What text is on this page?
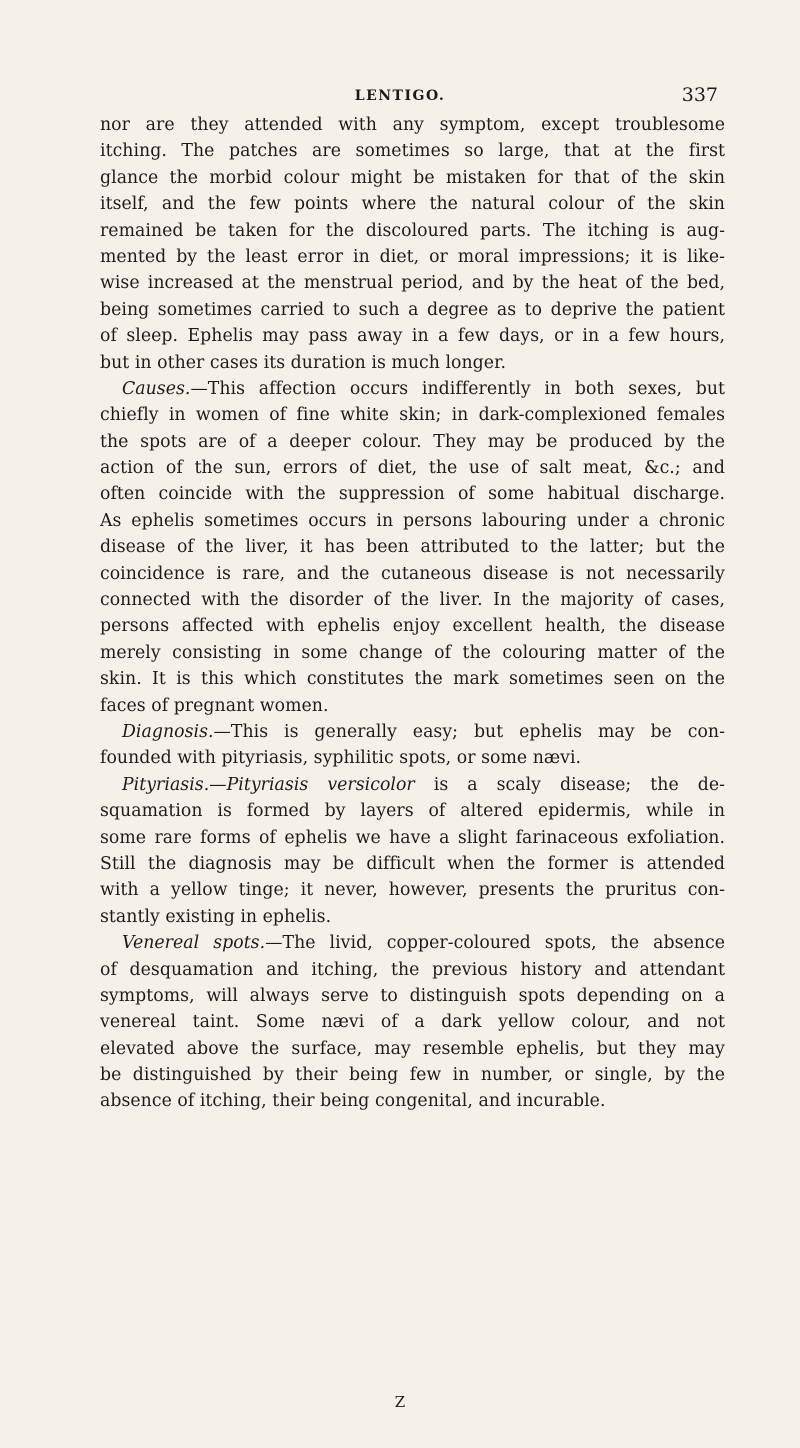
LENTIGO.	337
nor are they attended with any symptom, except troublesome
itching. The patches are sometimes so large, that at the first
glance the morbid colour might be mistaken for that of the skin
itself, and the few points where the natural colour of the skin
remained be taken for the discoloured parts. The itching is aug-
mented by the least error in diet, or moral impressions; it is like-
wise increased at the menstrual period, and by the heat of the bed,
being sometimes carried to such a degree as to deprive the patient
of sleep. Ephelis may pass away in a few days, or in a few hours,
but in other cases its duration is much longer.
Causes.—This affection occurs indifferently in both sexes, but
chiefly in women of fine white skin; in dark-complexioned females
the spots are of a deeper colour. They may be produced by the
action of the sun, errors of diet, the use of salt meat, &c.; and
often coincide with the suppression of some habitual discharge.
As ephelis sometimes occurs in persons labouring under a chronic
disease of the liver, it has been attributed to the latter; but the
coincidence is rare, and the cutaneous disease is not necessarily
connected with the disorder of the liver. In the majority of cases,
persons affected with ephelis enjoy excellent health, the disease
merely consisting in some change of the colouring matter of the
skin. It is this which constitutes the mark sometimes seen on the
faces of pregnant women.
Diagnosis.—This is generally easy; but ephelis may be con-
founded with pityriasis, syphilitic spots, or some nævi.
Pityriasis.—Pityriasis versicolor is a scaly disease; the de-
squamation is formed by layers of altered epidermis, while in
some rare forms of ephelis we have a slight farinaceous exfoliation.
Still the diagnosis may be difficult when the former is attended
with a yellow tinge; it never, however, presents the pruritus con-
stantly existing in ephelis.
Venereal spots.—The livid, copper-coloured spots, the absence
of desquamation and itching, the previous history and attendant
symptoms, will always serve to distinguish spots depending on a
venereal taint. Some nævi of a dark yellow colour, and not
elevated above the surface, may resemble ephelis, but they may
be distinguished by their being few in number, or single, by the
absence of itching, their being congenital, and incurable.
Z
